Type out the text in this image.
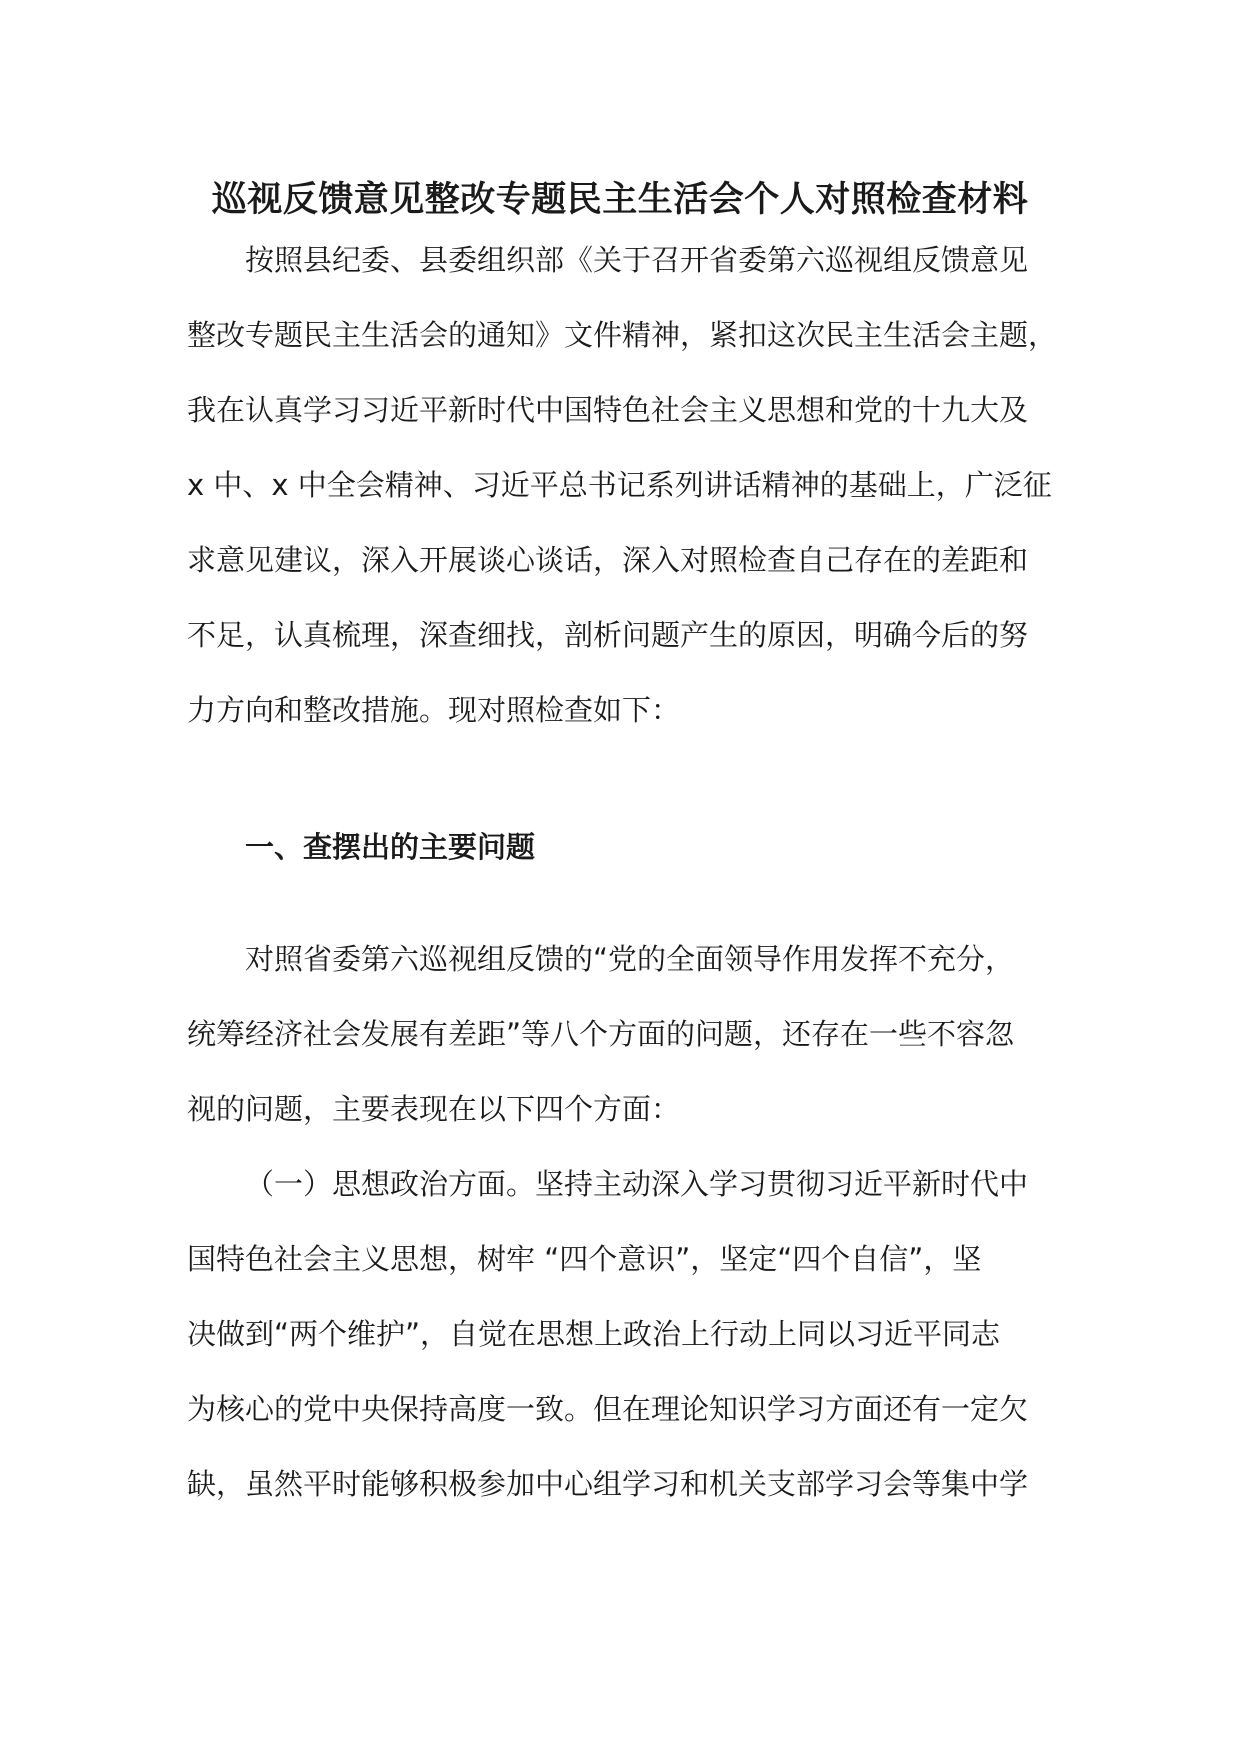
巡视反馈意见整改专题民主生活会个人对照检查材料
按照县纪委、县委组织部《关于召开省委第六巡视组反馈意见
整改专题民主生活会的通知》文件精神，紧扣这次民主生活会主题，
我在认真学习习近平新时代中国特色社会主义思想和党的十九大及
x 中、x 中全会精神、习近平总书记系列讲话精神的基础上，广泛征
求意见建议，深入开展谈心谈话，深入对照检查自己存在的差距和
不足，认真梳理，深查细找，剖析问题产生的原因，明确今后的努
力方向和整改措施。现对照检查如下：
一、查摆出的主要问题
对照省委第六巡视组反馈的“党的全面领导作用发挥不充分，
统筹经济社会发展有差距”等八个方面的问题，还存在一些不容忽
视的问题，主要表现在以下四个方面：
（一）思想政治方面。坚持主动深入学习贯彻习近平新时代中
国特色社会主义思想，树牢 “四个意识”，坚定“四个自信”，坚
决做到“两个维护”，自觉在思想上政治上行动上同以习近平同志
为核心的党中央保持高度一致。但在理论知识学习方面还有一定欠
缺，虽然平时能够积极参加中心组学习和机关支部学习会等集中学
